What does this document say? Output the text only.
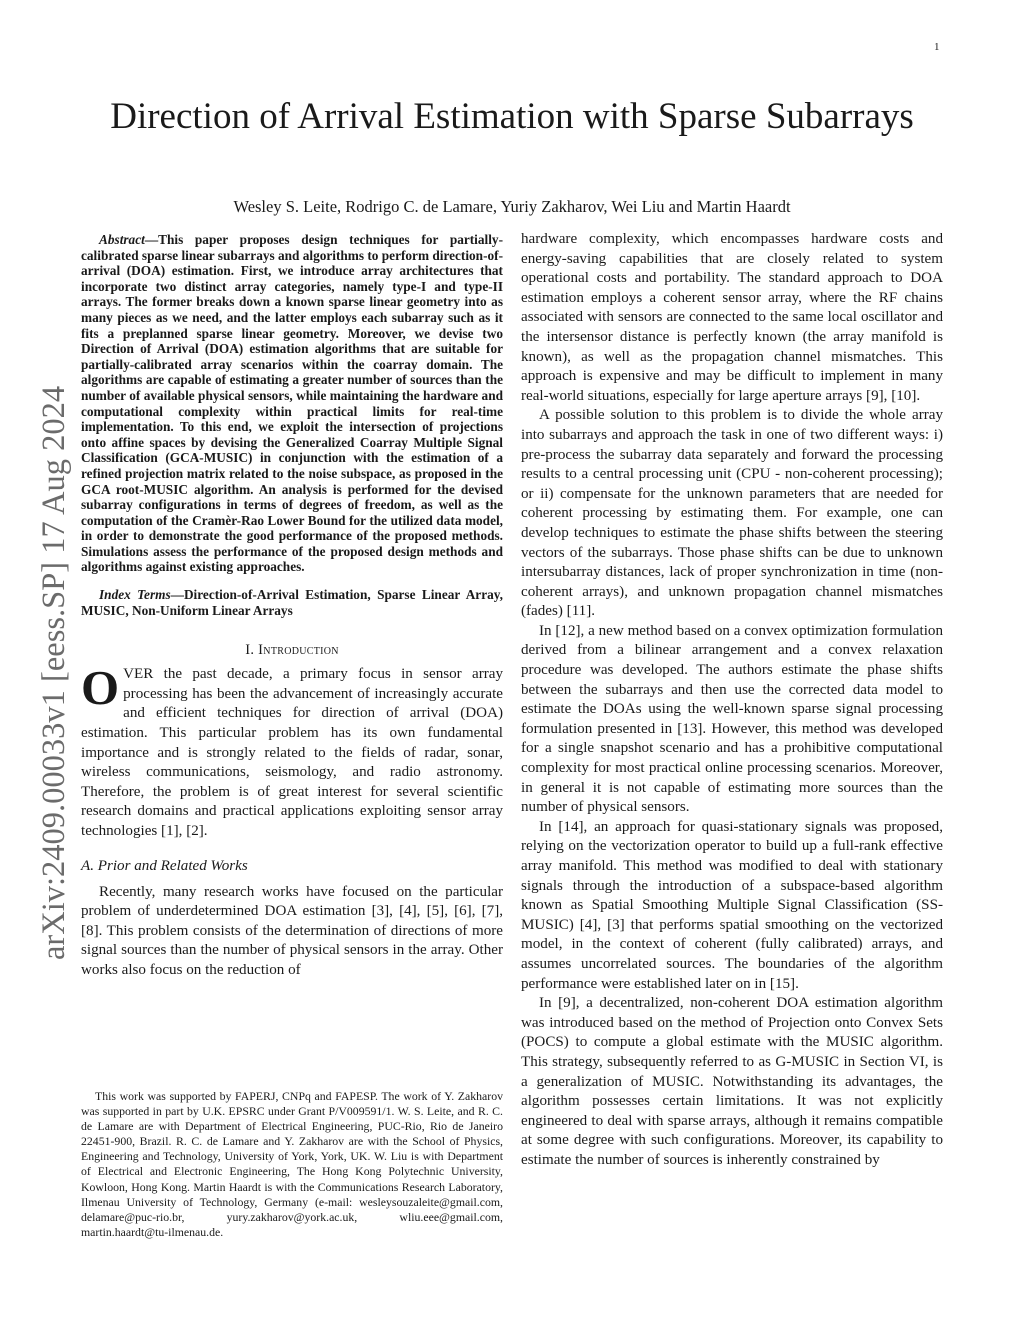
1
arXiv:2409.00033v1 [eess.SP] 17 Aug 2024
Direction of Arrival Estimation with Sparse Subarrays
Wesley S. Leite, Rodrigo C. de Lamare, Yuriy Zakharov, Wei Liu and Martin Haardt

Abstract—This paper proposes design techniques for partially-calibrated sparse linear subarrays and algorithms to perform direction-of-arrival (DOA) estimation. First, we introduce array architectures that incorporate two distinct array categories, namely type-I and type-II arrays. The former breaks down a known sparse linear geometry into as many pieces as we need, and the latter employs each subarray such as it fits a preplanned sparse linear geometry. Moreover, we devise two Direction of Arrival (DOA) estimation algorithms that are suitable for partially-calibrated array scenarios within the coarray domain. The algorithms are capable of estimating a greater number of sources than the number of available physical sensors, while maintaining the hardware and computational complexity within practical limits for real-time implementation. To this end, we exploit the intersection of projections onto affine spaces by devising the Generalized Coarray Multiple Signal Classification (GCA-MUSIC) in conjunction with the estimation of a refined projection matrix related to the noise subspace, as proposed in the GCA root-MUSIC algorithm. An analysis is performed for the devised subarray configurations in terms of degrees of freedom, as well as the computation of the Cramèr-Rao Lower Bound for the utilized data model, in order to demonstrate the good performance of the proposed methods. Simulations assess the performance of the proposed design methods and algorithms against existing approaches.

Index Terms—Direction-of-Arrival Estimation, Sparse Linear Array, MUSIC, Non-Uniform Linear Arrays

I. Introduction

OVER the past decade, a primary focus in sensor array processing has been the advancement of increasingly accurate and efficient techniques for direction of arrival (DOA) estimation. This particular problem has its own fundamental importance and is strongly related to the fields of radar, sonar, wireless communications, seismology, and radio astronomy. Therefore, the problem is of great interest for several scientific research domains and practical applications exploiting sensor array technologies [1], [2].

A. Prior and Related Works

Recently, many research works have focused on the particular problem of underdetermined DOA estimation [3], [4], [5], [6], [7], [8]. This problem consists of the determination of directions of more signal sources than the number of physical sensors in the array. Other works also focus on the reduction of

This work was supported by FAPERJ, CNPq and FAPESP. The work of Y. Zakharov was supported in part by U.K. EPSRC under Grant P/V009591/1. W. S. Leite, and R. C. de Lamare are with Department of Electrical Engineering, PUC-Rio, Rio de Janeiro 22451-900, Brazil. R. C. de Lamare and Y. Zakharov are with the School of Physics, Engineering and Technology, University of York, York, UK. W. Liu is with Department of Electrical and Electronic Engineering, The Hong Kong Polytechnic University, Kowloon, Hong Kong. Martin Haardt is with the Communications Research Laboratory, Ilmenau University of Technology, Germany (e-mail: wesleysouzaleite@gmail.com, delamare@puc-rio.br, yury.zakharov@york.ac.uk, wliu.eee@gmail.com, martin.haardt@tu-ilmenau.de.

hardware complexity, which encompasses hardware costs and energy-saving capabilities that are closely related to system operational costs and portability. The standard approach to DOA estimation employs a coherent sensor array, where the RF chains associated with sensors are connected to the same local oscillator and the intersensor distance is perfectly known (the array manifold is known), as well as the propagation channel mismatches. This approach is expensive and may be difficult to implement in many real-world situations, especially for large aperture arrays [9], [10].

A possible solution to this problem is to divide the whole array into subarrays and approach the task in one of two different ways: i) pre-process the subarray data separately and forward the processing results to a central processing unit (CPU - non-coherent processing); or ii) compensate for the unknown parameters that are needed for coherent processing by estimating them. For example, one can develop techniques to estimate the phase shifts between the steering vectors of the subarrays. Those phase shifts can be due to unknown intersubarray distances, lack of proper synchronization in time (non-coherent arrays), and unknown propagation channel mismatches (fades) [11].

In [12], a new method based on a convex optimization formulation derived from a bilinear arrangement and a convex relaxation procedure was developed. The authors estimate the phase shifts between the subarrays and then use the corrected data model to estimate the DOAs using the well-known sparse signal processing formulation presented in [13]. However, this method was developed for a single snapshot scenario and has a prohibitive computational complexity for most practical online processing scenarios. Moreover, in general it is not capable of estimating more sources than the number of physical sensors.

In [14], an approach for quasi-stationary signals was proposed, relying on the vectorization operator to build up a full-rank effective array manifold. This method was modified to deal with stationary signals through the introduction of a subspace-based algorithm known as Spatial Smoothing Multiple Signal Classification (SS-MUSIC) [4], [3] that performs spatial smoothing on the vectorized model, in the context of coherent (fully calibrated) arrays, and assumes uncorrelated sources. The boundaries of the algorithm performance were established later on in [15].

In [9], a decentralized, non-coherent DOA estimation algorithm was introduced based on the method of Projection onto Convex Sets (POCS) to compute a global estimate with the MUSIC algorithm. This strategy, subsequently referred to as G-MUSIC in Section VI, is a generalization of MUSIC. Notwithstanding its advantages, the algorithm possesses certain limitations. It was not explicitly engineered to deal with sparse arrays, although it remains compatible at some degree with such configurations. Moreover, its capability to estimate the number of sources is inherently constrained by
